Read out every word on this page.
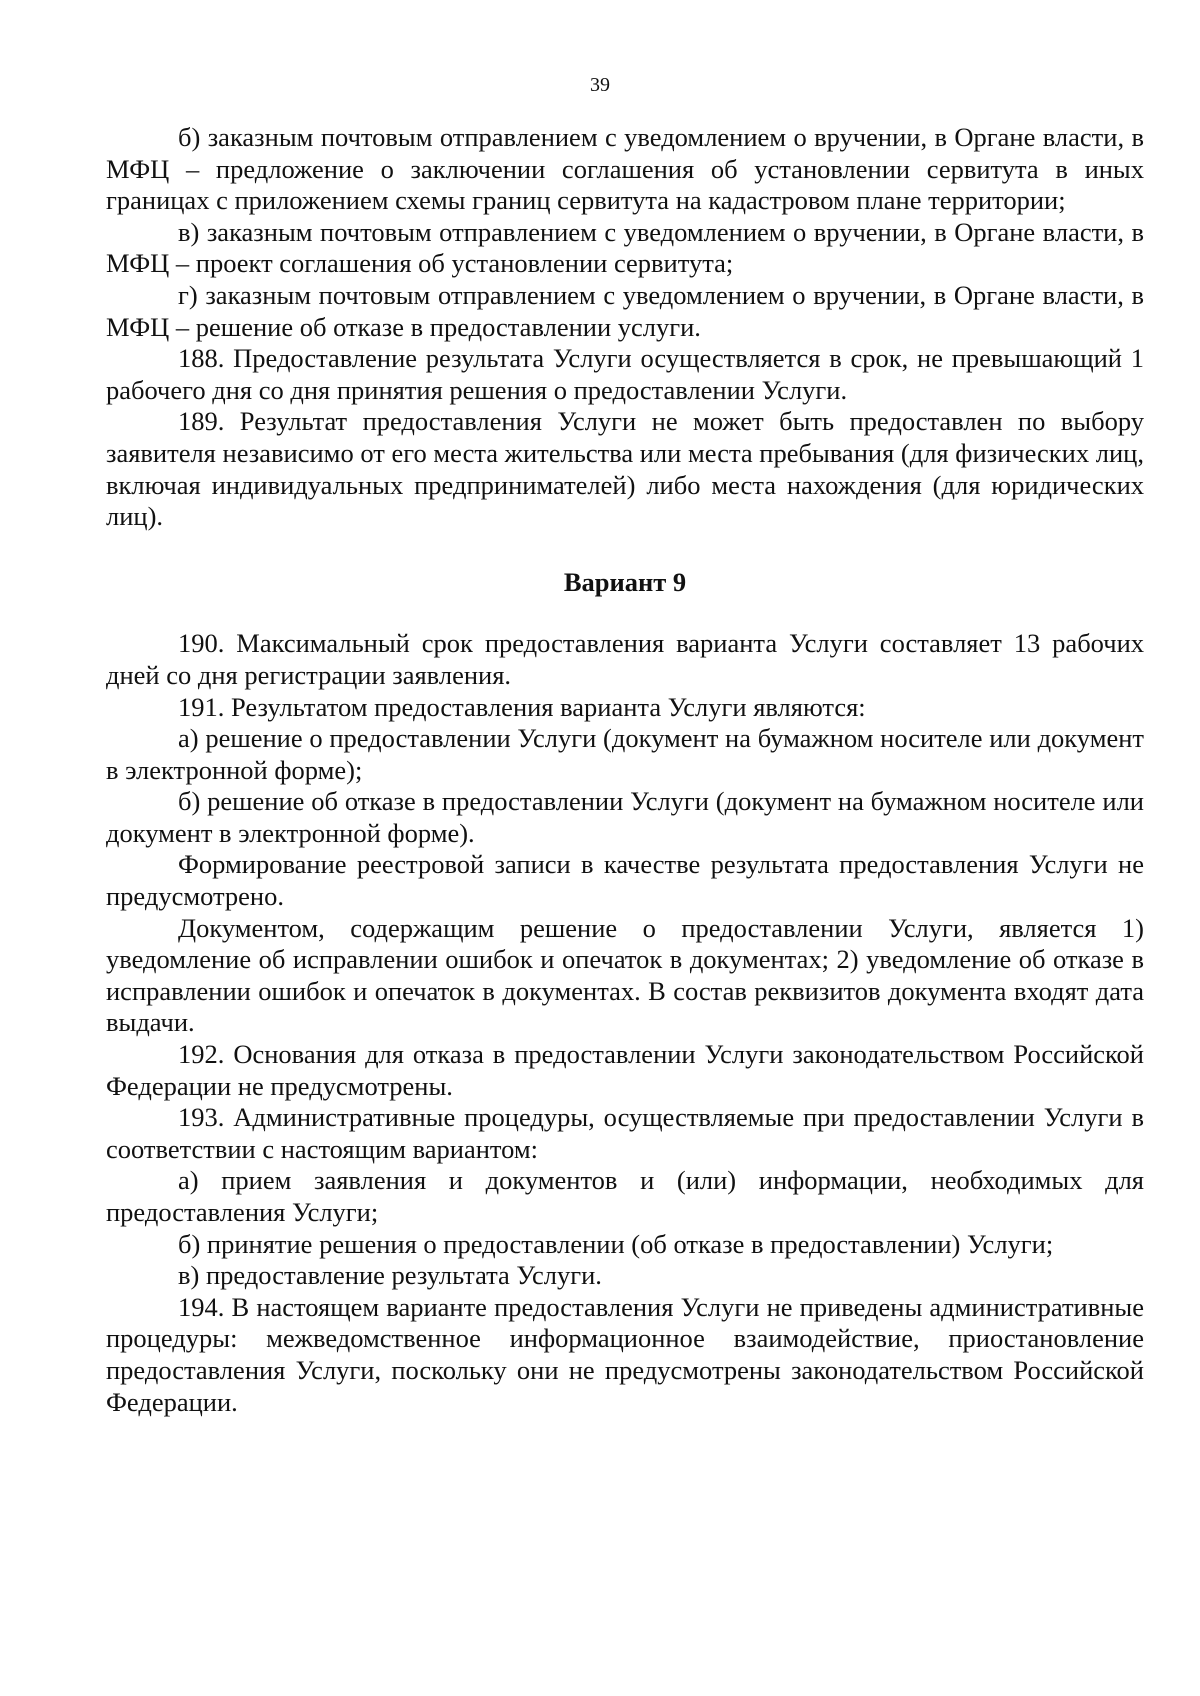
39

б) заказным почтовым отправлением с уведомлением о вручении, в Органе власти, в МФЦ – предложение о заключении соглашения об установлении сервитута в иных границах с приложением схемы границ сервитута на кадастровом плане территории;

в) заказным почтовым отправлением с уведомлением о вручении, в Органе власти, в МФЦ – проект соглашения об установлении сервитута;

г) заказным почтовым отправлением с уведомлением о вручении, в Органе власти, в МФЦ – решение об отказе в предоставлении услуги.

188. Предоставление результата Услуги осуществляется в срок, не превышающий 1 рабочего дня со дня принятия решения о предоставлении Услуги.

189. Результат предоставления Услуги не может быть предоставлен по выбору заявителя независимо от его места жительства или места пребывания (для физических лиц, включая индивидуальных предпринимателей) либо места нахождения (для юридических лиц).

Вариант 9

190. Максимальный срок предоставления варианта Услуги составляет 13 рабочих дней со дня регистрации заявления.

191. Результатом предоставления варианта Услуги являются:

а) решение о предоставлении Услуги (документ на бумажном носителе или документ в электронной форме);

б) решение об отказе в предоставлении Услуги (документ на бумажном носителе или документ в электронной форме).

Формирование реестровой записи в качестве результата предоставления Услуги не предусмотрено.

Документом, содержащим решение о предоставлении Услуги, является 1) уведомление об исправлении ошибок и опечаток в документах; 2) уведомление об отказе в исправлении ошибок и опечаток в документах. В состав реквизитов документа входят дата выдачи.

192. Основания для отказа в предоставлении Услуги законодательством Российской Федерации не предусмотрены.

193. Административные процедуры, осуществляемые при предоставлении Услуги в соответствии с настоящим вариантом:

а) прием заявления и документов и (или) информации, необходимых для предоставления Услуги;

б) принятие решения о предоставлении (об отказе в предоставлении) Услуги;

в) предоставление результата Услуги.

194. В настоящем варианте предоставления Услуги не приведены административные процедуры: межведомственное информационное взаимодействие, приостановление предоставления Услуги, поскольку они не предусмотрены законодательством Российской Федерации.
